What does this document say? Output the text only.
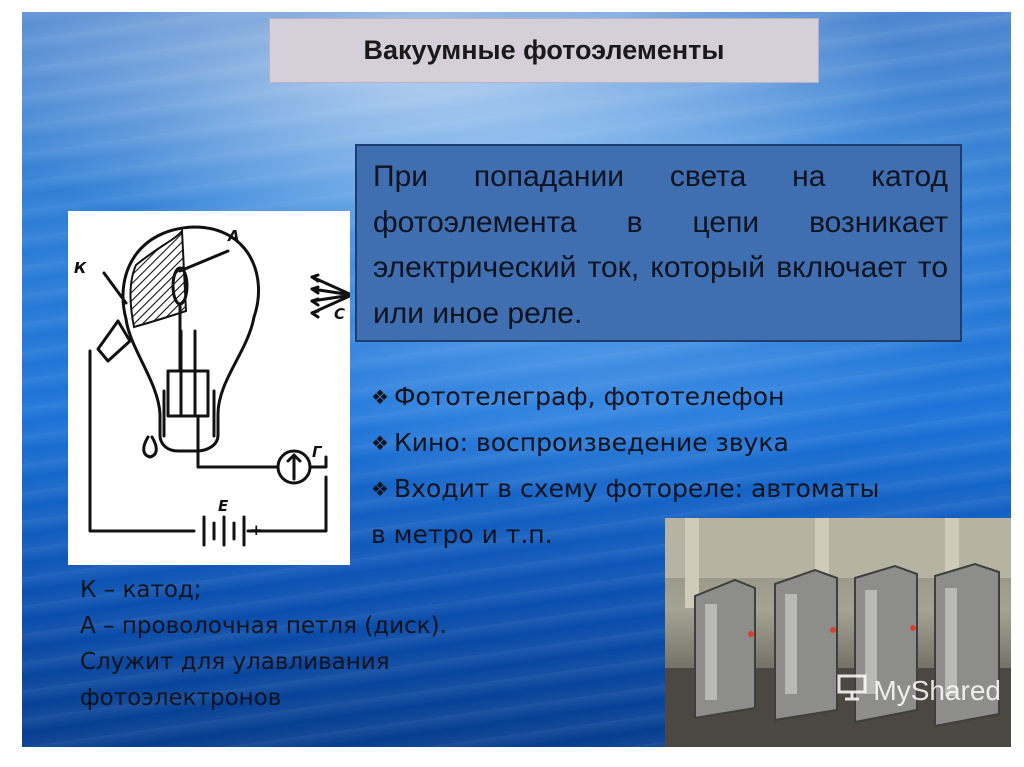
Вакуумные фотоэлементы
К
А
С
Г
Е
+
–
При попадании света на катод фотоэлемента в цепи возникает электрический ток, который включает то или иное реле.
❖ Фототелеграф, фототелефон
❖ Кино: воспроизведение звука
❖ Входит в схему фотореле: автоматы
в метро и т.п.
К – катод;
А – проволочная петля (диск).
Служит для улавливания
фотоэлектронов	MyShared
